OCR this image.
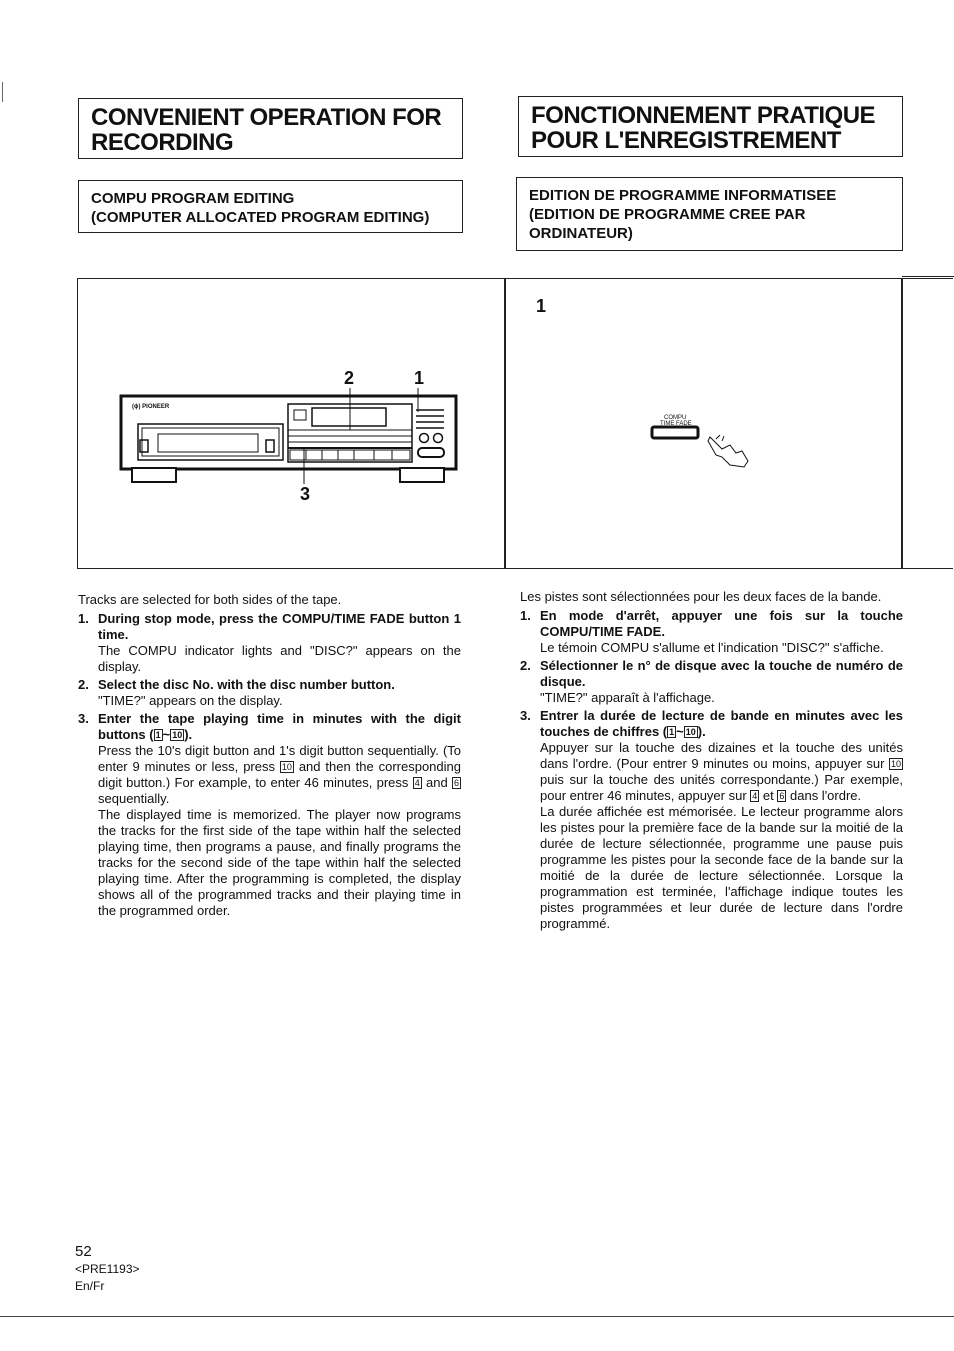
CONVENIENT OPERATION FOR
RECORDING
FONCTIONNEMENT PRATIQUE
POUR L'ENREGISTREMENT
COMPU PROGRAM EDITING
(COMPUTER ALLOCATED PROGRAM EDITING)
EDITION DE PROGRAMME INFORMATISEE
(EDITION DE PROGRAMME CREE PAR
ORDINATEUR)
(ϕ) PIONEER
2	1
3
1
COMPU
TIME FADE

Tracks are selected for both sides of the tape.

1. During stop mode, press the COMPU/TIME FADE button 1 time.
The COMPU indicator lights and "DISC?" appears on the display.
2. Select the disc No. with the disc number button.
"TIME?" appears on the display.
3. Enter the tape playing time in minutes with the digit buttons ( 1 ~ 10 ).
Press the 10's digit button and 1's digit button sequentially. (To enter 9 minutes or less, press 10 and then the corresponding digit button.) For example, to enter 46 minutes, press 4 and 6 sequentially.
The displayed time is memorized. The player now programs the tracks for the first side of the tape within half the selected playing time, then programs a pause, and finally programs the tracks for the second side of the tape within half the selected playing time. After the programming is completed, the display shows all of the programmed tracks and their playing time in the programmed order.

Les pistes sont sélectionnées pour les deux faces de la bande.

1. En mode d'arrêt, appuyer une fois sur la touche COMPU/TIME FADE.
Le témoin COMPU s'allume et l'indication "DISC?" s'affiche.
2. Sélectionner le n° de disque avec la touche de numéro de disque.
"TIME?" apparaît à l'affichage.
3. Entrer la durée de lecture de bande en minutes avec les touches de chiffres ( 1 ~ 10 ).
Appuyer sur la touche des dizaines et la touche des unités dans l'ordre. (Pour entrer 9 minutes ou moins, appuyer sur 10 puis sur la touche des unités correspondante.) Par exemple, pour entrer 46 minutes, appuyer sur 4 et 6 dans l'ordre.
La durée affichée est mémorisée. Le lecteur programme alors les pistes pour la première face de la bande sur la moitié de la durée de lecture sélectionnée, programme une pause puis programme les pistes pour la seconde face de la bande sur la moitié de la durée de lecture sélectionnée. Lorsque la programmation est terminée, l'affichage indique toutes les pistes programmées et leur durée de lecture dans l'ordre programmé.
52
<PRE1193>
En/Fr
